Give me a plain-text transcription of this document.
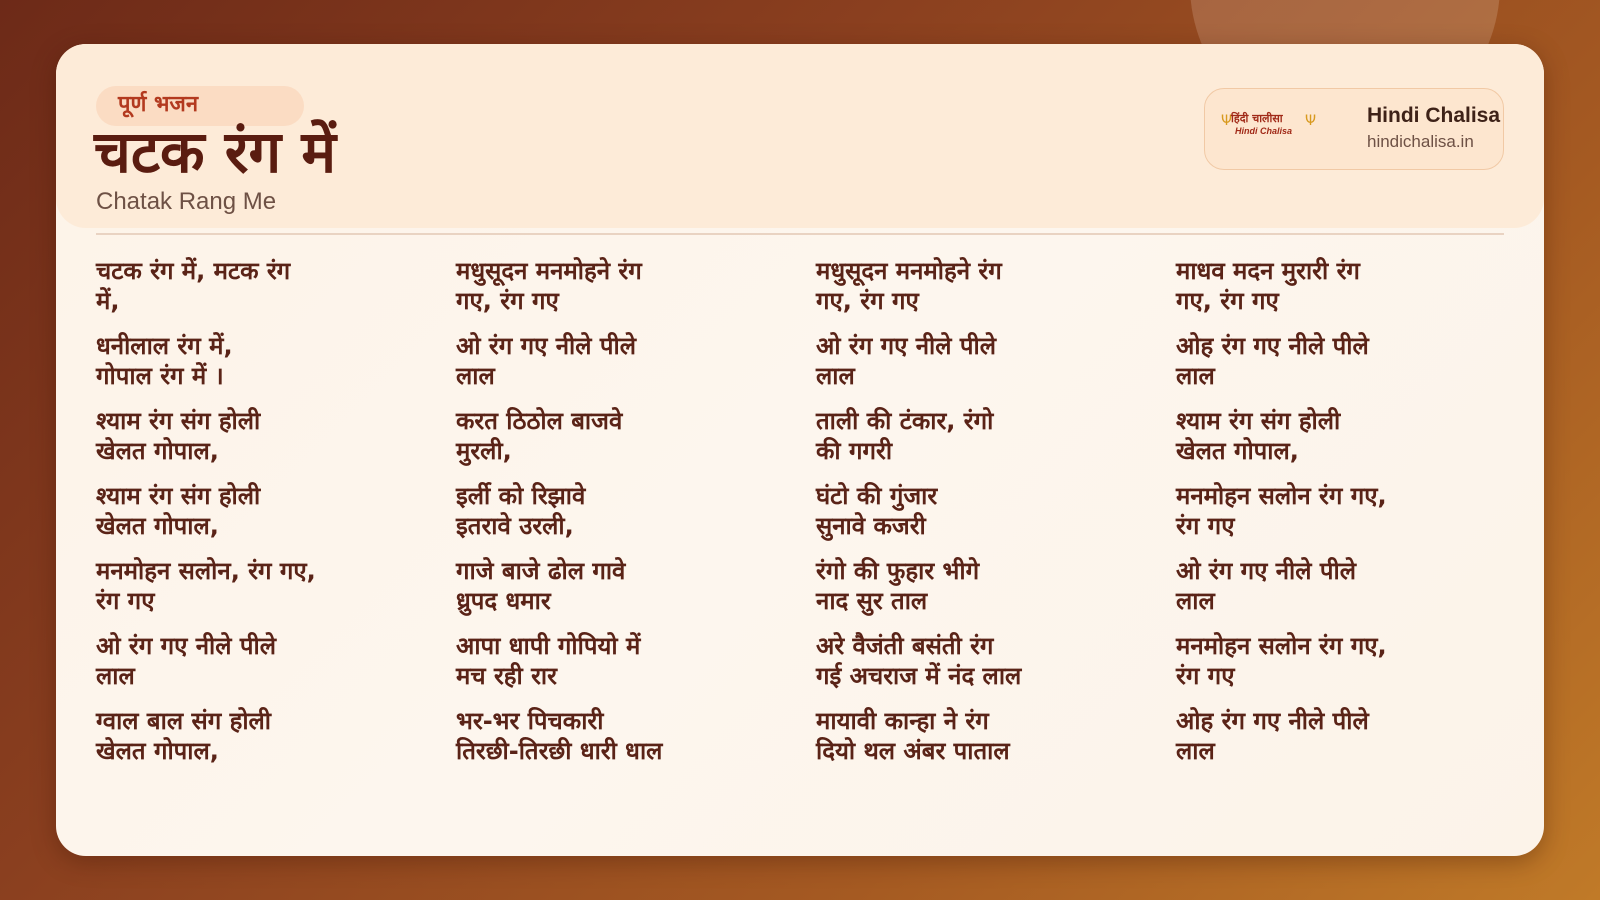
पूर्ण भजन
चटक रंग में
Chatak Rang Me
Ψ
हिंदी चालीसा
Hindi Chalisa
Ψ Hindi Chalisa
hindichalisa.in
चटक रंग में, मटक रंग
में,
धनीलाल रंग में,
गोपाल रंग में ।
श्याम रंग संग होली
खेलत गोपाल,
श्याम रंग संग होली
खेलत गोपाल,
मनमोहन सलोन, रंग गए,
रंग गए
ओ रंग गए नीले पीले
लाल
ग्वाल बाल संग होली
खेलत गोपाल,
मधुसूदन मनमोहने रंग
गए, रंग गए
ओ रंग गए नीले पीले
लाल
करत ठिठोल बाजवे
मुरली,
इर्ली को रिझावे
इतरावे उरली,
गाजे बाजे ढोल गावे
ध्रुपद धमार
आपा धापी गोपियो में
मच रही रार
भर-भर पिचकारी
तिरछी-तिरछी धारी धाल
मधुसूदन मनमोहने रंग
गए, रंग गए
ओ रंग गए नीले पीले
लाल
ताली की टंकार, रंगो
की गगरी
घंटो की गुंजार
सुनावे कजरी
रंगो की फुहार भीगे
नाद सुर ताल
अरे वैजंती बसंती रंग
गई अचराज में नंद लाल
मायावी कान्हा ने रंग
दियो थल अंबर पाताल
माधव मदन मुरारी रंग
गए, रंग गए
ओह रंग गए नीले पीले
लाल
श्याम रंग संग होली
खेलत गोपाल,
मनमोहन सलोन रंग गए,
रंग गए
ओ रंग गए नीले पीले
लाल
मनमोहन सलोन रंग गए,
रंग गए
ओह रंग गए नीले पीले
लाल
